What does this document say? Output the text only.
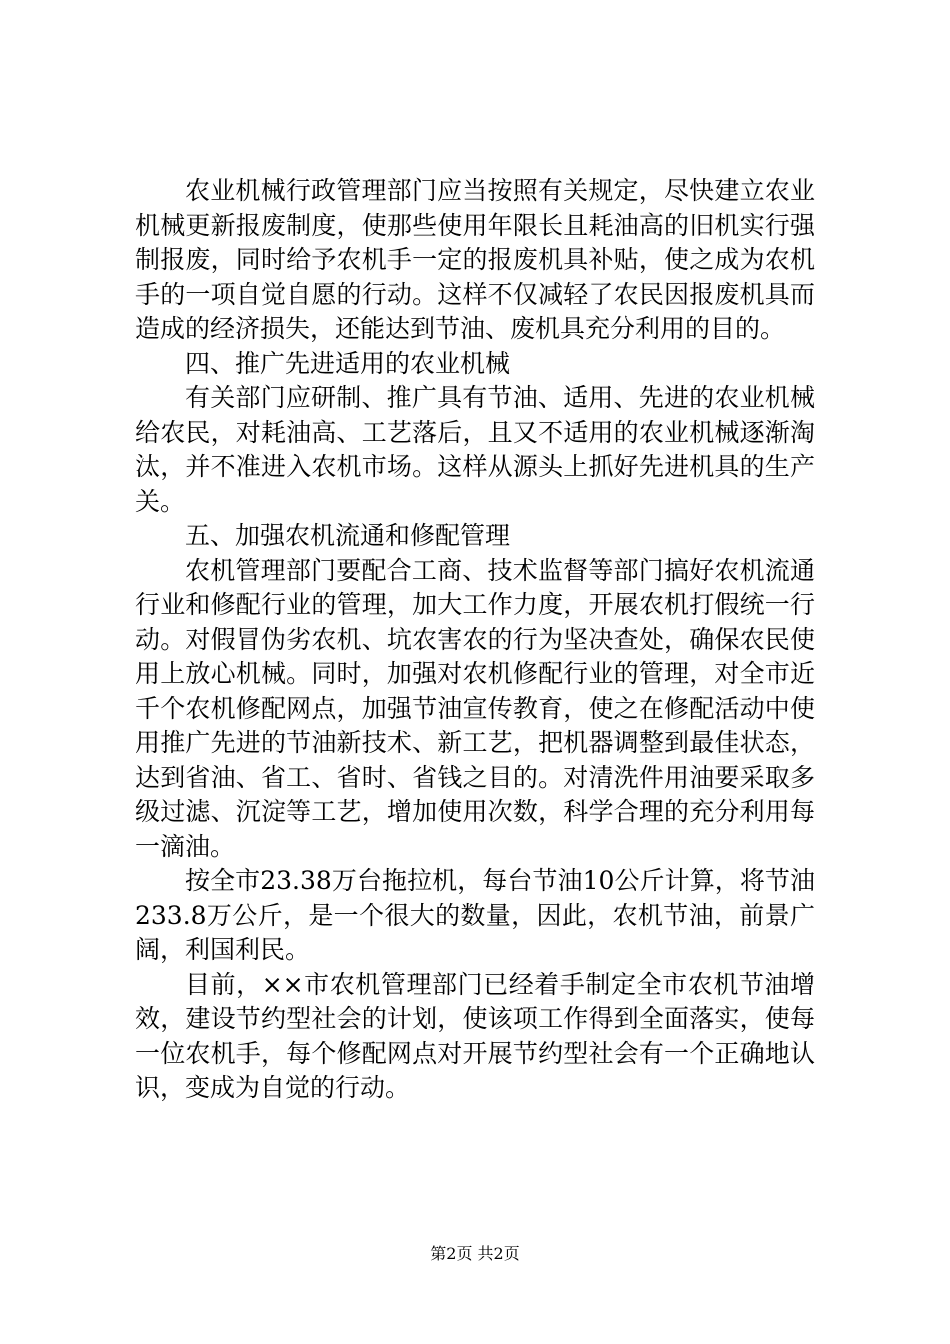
农业机械行政管理部门应当按照有关规定，尽快建立农业机械更新报废制度，使那些使用年限长且耗油高的旧机实行强制报废，同时给予农机手一定的报废机具补贴，使之成为农机手的一项自觉自愿的行动。这样不仅减轻了农民因报废机具而造成的经济损失，还能达到节油、废机具充分利用的目的。

四、推广先进适用的农业机械

有关部门应研制、推广具有节油、适用、先进的农业机械给农民，对耗油高、工艺落后，且又不适用的农业机械逐渐淘汰，并不准进入农机市场。这样从源头上抓好先进机具的生产关。

五、加强农机流通和修配管理

农机管理部门要配合工商、技术监督等部门搞好农机流通行业和修配行业的管理，加大工作力度，开展农机打假统一行动。对假冒伪劣农机、坑农害农的行为坚决查处，确保农民使用上放心机械。同时，加强对农机修配行业的管理，对全市近千个农机修配网点，加强节油宣传教育，使之在修配活动中使用推广先进的节油新技术、新工艺，把机器调整到最佳状态，达到省油、省工、省时、省钱之目的。对清洗件用油要采取多级过滤、沉淀等工艺，增加使用次数，科学合理的充分利用每一滴油。

按全市23.38万台拖拉机，每台节油10公斤计算，将节油233.8万公斤，是一个很大的数量，因此，农机节油，前景广阔，利国利民。

目前，××市农机管理部门已经着手制定全市农机节油增效，建设节约型社会的计划，使该项工作得到全面落实，使每一位农机手，每个修配网点对开展节约型社会有一个正确地认识，变成为自觉的行动。

第2页 共2页
